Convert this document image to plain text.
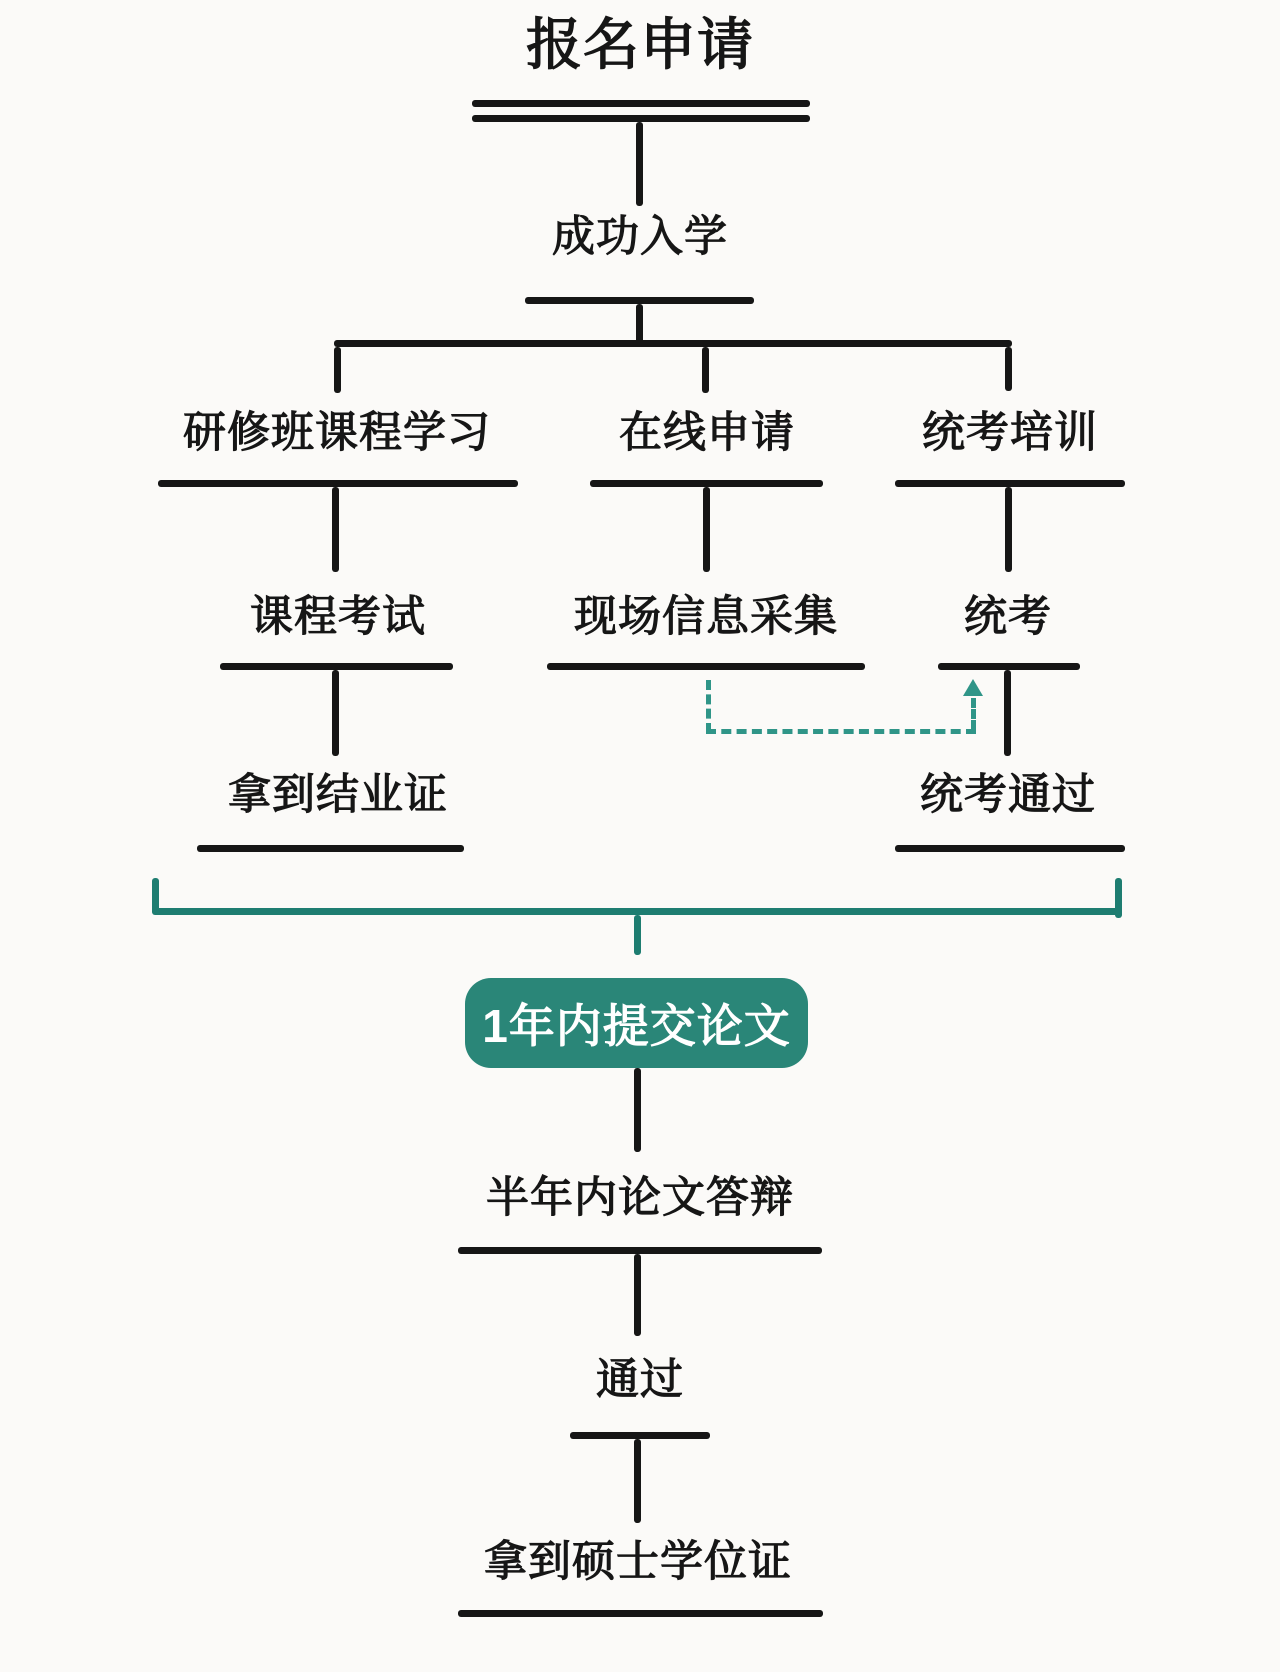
报名申请
成功入学
研修班课程学习	在线申请	统考培训
课程考试	现场信息采集	统考
拿到结业证	统考通过
1年内提交论文
半年内论文答辩
通过
拿到硕士学位证
